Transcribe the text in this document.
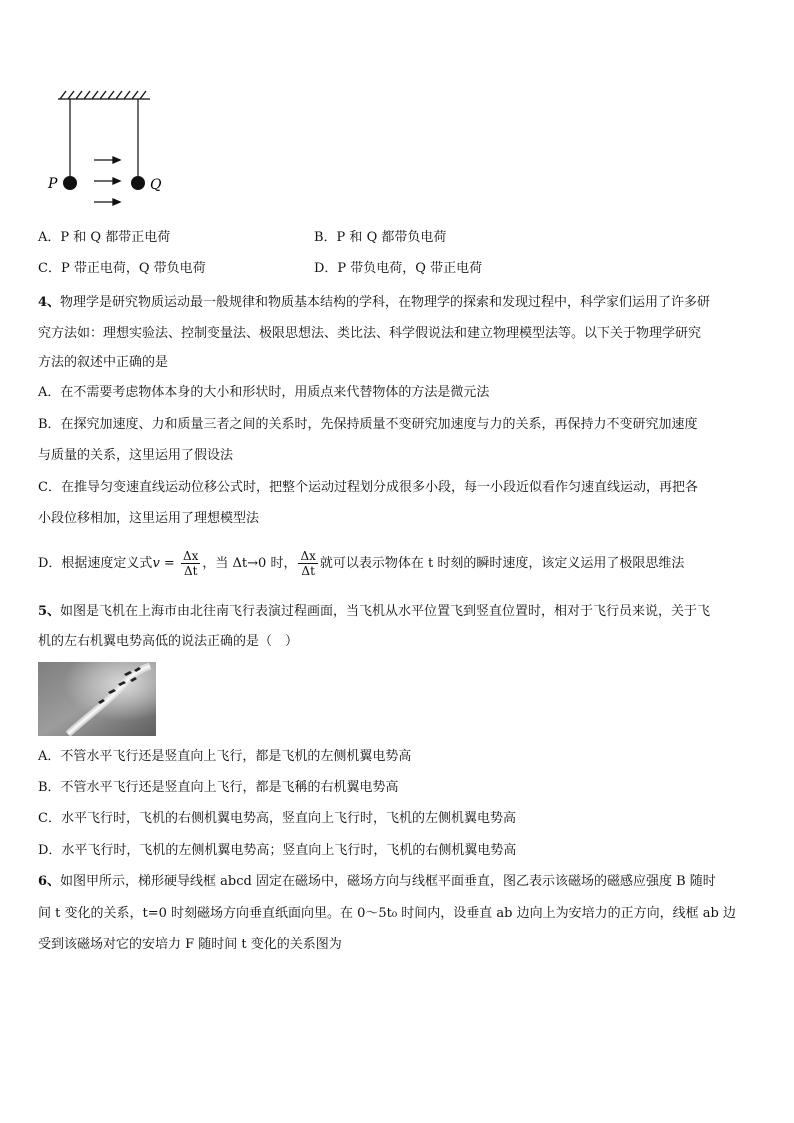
P	Q
A．P 和 Q 都带正电荷	B．P 和 Q 都带负电荷
C．P 带正电荷，Q 带负电荷	D．P 带负电荷，Q 带正电荷
4、物理学是研究物质运动最一般规律和物质基本结构的学科，在物理学的探索和发现过程中，科学家们运用了许多研
究方法如：理想实验法、控制变量法、极限思想法、类比法、科学假说法和建立物理模型法等。以下关于物理学研究
方法的叙述中正确的是
A．在不需要考虑物体本身的大小和形状时，用质点来代替物体的方法是微元法
B．在探究加速度、力和质量三者之间的关系时，先保持质量不变研究加速度与力的关系，再保持力不变研究加速度
与质量的关系，这里运用了假设法
C．在推导匀变速直线运动位移公式时，把整个运动过程划分成很多小段，每一小段近似看作匀速直线运动，再把各
小段位移相加，这里运用了理想模型法
D．根据速度定义式$v = \frac{\Delta x}{\Delta t}$ ，当 Δt→0 时， $\frac{\Delta x}{\Delta t}$ 就可以表示物体在 t 时刻的瞬时速度，该定义运用了极限思维法
5、如图是飞机在上海市由北往南飞行表演过程画面，当飞机从水平位置飞到竖直位置时，相对于飞行员来说，关于飞
机的左右机翼电势高低的说法正确的是（　）
A．不管水平飞行还是竖直向上飞行，都是飞机的左侧机翼电势高
B．不管水平飞行还是竖直向上飞行，都是飞稱的右机翼电势高
C．水平飞行时，飞机的右侧机翼电势高，竖直向上飞行时，飞机的左侧机翼电势高
D．水平飞行时，飞机的左侧机翼电势高；竖直向上飞行时，飞机的右侧机翼电势高
6、如图甲所示，梯形硬导线框 abcd 固定在磁场中，磁场方向与线框平面垂直，图乙表示该磁场的磁感应强度 B 随时
间 t 变化的关系，t=0 时刻磁场方向垂直纸面向里。在 0～5t₀ 时间内，设垂直 ab 边向上为安培力的正方向，线框 ab 边
受到该磁场对它的安培力 F 随时间 t 变化的关系图为
